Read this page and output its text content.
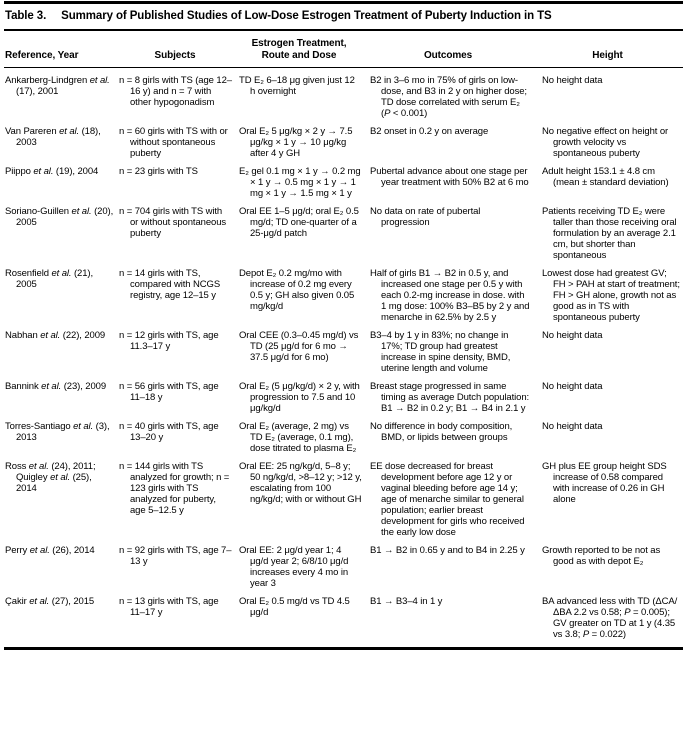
Table 3. Summary of Published Studies of Low-Dose Estrogen Treatment of Puberty Induction in TS
Reference, Year	Subjects	Estrogen Treatment, Route and Dose	Outcomes	Height

Ankarberg-Lindgren et al. (17), 2001	n = 8 girls with TS (age 12–16 y) and n = 7 with other hypogonadism	TD E₂ 6–18 μg given just 12 h overnight	B2 in 3–6 mo in 75% of girls on low-dose, and B3 in 2 y on higher dose; TD dose correlated with serum E₂ (P < 0.001)	No height data

Van Pareren et al. (18), 2003	n = 60 girls with TS with or without spontaneous puberty	Oral E₂ 5 μg/kg × 2 y → 7.5 μg/kg × 1 y → 10 μg/kg after 4 y GH	B2 onset in 0.2 y on average	No negative effect on height or growth velocity vs spontaneous puberty

Piippo et al. (19), 2004	n = 23 girls with TS	E₂ gel 0.1 mg × 1 y → 0.2 mg × 1 y → 0.5 mg × 1 y → 1 mg × 1 y → 1.5 mg × 1 y	Pubertal advance about one stage per year treatment with 50% B2 at 6 mo	Adult height 153.1 ± 4.8 cm (mean ± standard deviation)

Soriano-Guillen et al. (20), 2005	n = 704 girls with TS with or without spontaneous puberty	Oral EE 1–5 μg/d; oral E₂ 0.5 mg/d; TD one-quarter of a 25-μg/d patch	No data on rate of pubertal progression	Patients receiving TD E₂ were taller than those receiving oral formulation by an average 2.1 cm, but shorter than spontaneous

Rosenfield et al. (21), 2005	n = 14 girls with TS, compared with NCGS registry, age 12–15 y	Depot E₂ 0.2 mg/mo with increase of 0.2 mg every 0.5 y; GH also given 0.05 mg/kg/d	Half of girls B1 → B2 in 0.5 y, and increased one stage per 0.5 y with each 0.2-mg increase in dose. with 1 mg dose: 100% B3–B5 by 2 y and menarche in 62.5% by 2.5 y	Lowest dose had greatest GV; FH > PAH at start of treatment; FH > GH alone, growth not as good as in TS with spontaneous puberty

Nabhan et al. (22), 2009	n = 12 girls with TS, age 11.3–17 y	Oral CEE (0.3–0.45 mg/d) vs TD (25 μg/d for 6 mo → 37.5 μg/d for 6 mo)	B3–4 by 1 y in 83%; no change in 17%; TD group had greatest increase in spine density, BMD, uterine length and volume	No height data

Bannink et al. (23), 2009	n = 56 girls with TS, age 11–18 y	Oral E₂ (5 μg/kg/d) × 2 y, with progression to 7.5 and 10 μg/kg/d	Breast stage progressed in same timing as average Dutch population: B1 → B2 in 0.2 y; B1 → B4 in 2.1 y	No height data

Torres-Santiago et al. (3), 2013	n = 40 girls with TS, age 13–20 y	Oral E₂ (average, 2 mg) vs TD E₂ (average, 0.1 mg), dose titrated to plasma E₂	No difference in body composition, BMD, or lipids between groups	No height data

Ross et al. (24), 2011; Quigley et al. (25), 2014	n = 144 girls with TS analyzed for growth; n = 123 girls with TS analyzed for puberty, age 5–12.5 y	Oral EE: 25 ng/kg/d, 5–8 y; 50 ng/kg/d, >8–12 y; >12 y, escalating from 100 ng/kg/d; with or without GH	EE dose decreased for breast development before age 12 y or vaginal bleeding before age 14 y; age of menarche similar to general population; earlier breast development for girls who received the early low dose	GH plus EE group height SDS increase of 0.58 compared with increase of 0.26 in GH alone

Perry et al. (26), 2014	n = 92 girls with TS, age 7–13 y	Oral EE: 2 μg/d year 1; 4 μg/d year 2; 6/8/10 μg/d increases every 4 mo in year 3	B1 → B2 in 0.65 y and to B4 in 2.25 y	Growth reported to be not as good as with depot E₂

Çakir et al. (27), 2015	n = 13 girls with TS, age 11–17 y	Oral E₂ 0.5 mg/d vs TD 4.5 μg/d	B1 → B3–4 in 1 y	BA advanced less with TD (ΔCA/ΔBA 2.2 vs 0.58; P = 0.005); GV greater on TD at 1 y (4.35 vs 3.8; P = 0.022)
